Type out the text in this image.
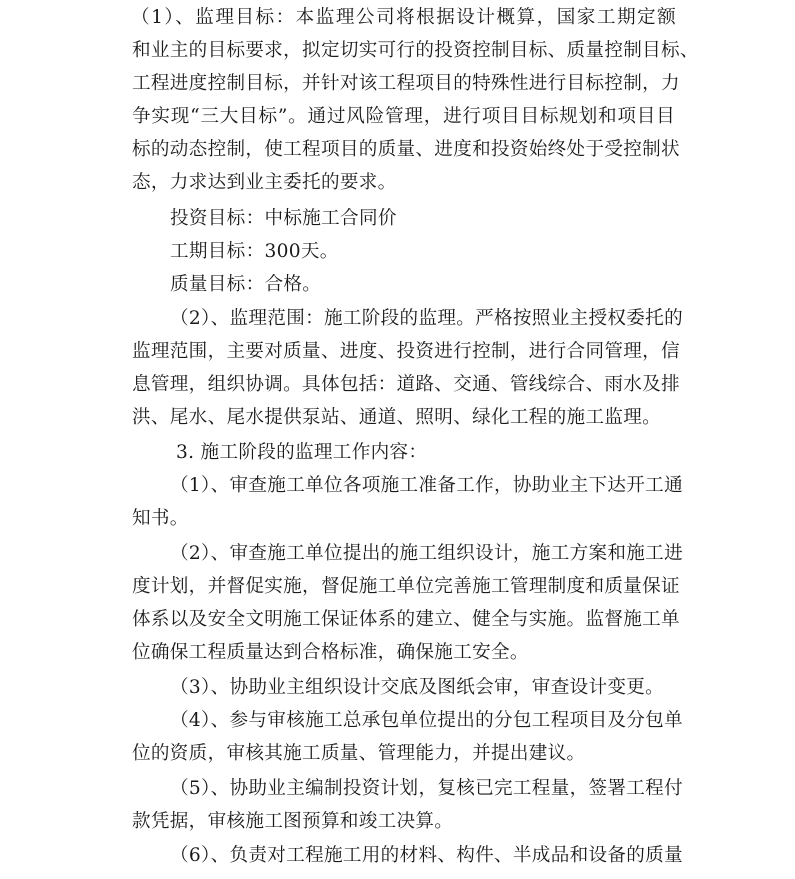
（1）、监理目标：本监理公司将根据设计概算，国家工期定额
和业主的目标要求，拟定切实可行的投资控制目标、质量控制目标、
工程进度控制目标，并针对该工程项目的特殊性进行目标控制，力
争实现“三大目标”。通过风险管理，进行项目目标规划和项目目
标的动态控制，使工程项目的质量、进度和投资始终处于受控制状
态，力求达到业主委托的要求。
投资目标：中标施工合同价
工期目标：300天。
质量目标：合格。
（2）、监理范围：施工阶段的监理。严格按照业主授权委托的
监理范围，主要对质量、进度、投资进行控制，进行合同管理，信
息管理，组织协调。具体包括：道路、交通、管线综合、雨水及排
洪、尾水、尾水提供泵站、通道、照明、绿化工程的施工监理。
3. 施工阶段的监理工作内容：
（1）、审查施工单位各项施工准备工作，协助业主下达开工通
知书。
（2）、审查施工单位提出的施工组织设计，施工方案和施工进
度计划，并督促实施，督促施工单位完善施工管理制度和质量保证
体系以及安全文明施工保证体系的建立、健全与实施。监督施工单
位确保工程质量达到合格标准，确保施工安全。
（3）、协助业主组织设计交底及图纸会审，审查设计变更。
（4）、参与审核施工总承包单位提出的分包工程项目及分包单
位的资质，审核其施工质量、管理能力，并提出建议。
（5）、协助业主编制投资计划，复核已完工程量，签署工程付
款凭据，审核施工图预算和竣工决算。
（6）、负责对工程施工用的材料、构件、半成品和设备的质量
